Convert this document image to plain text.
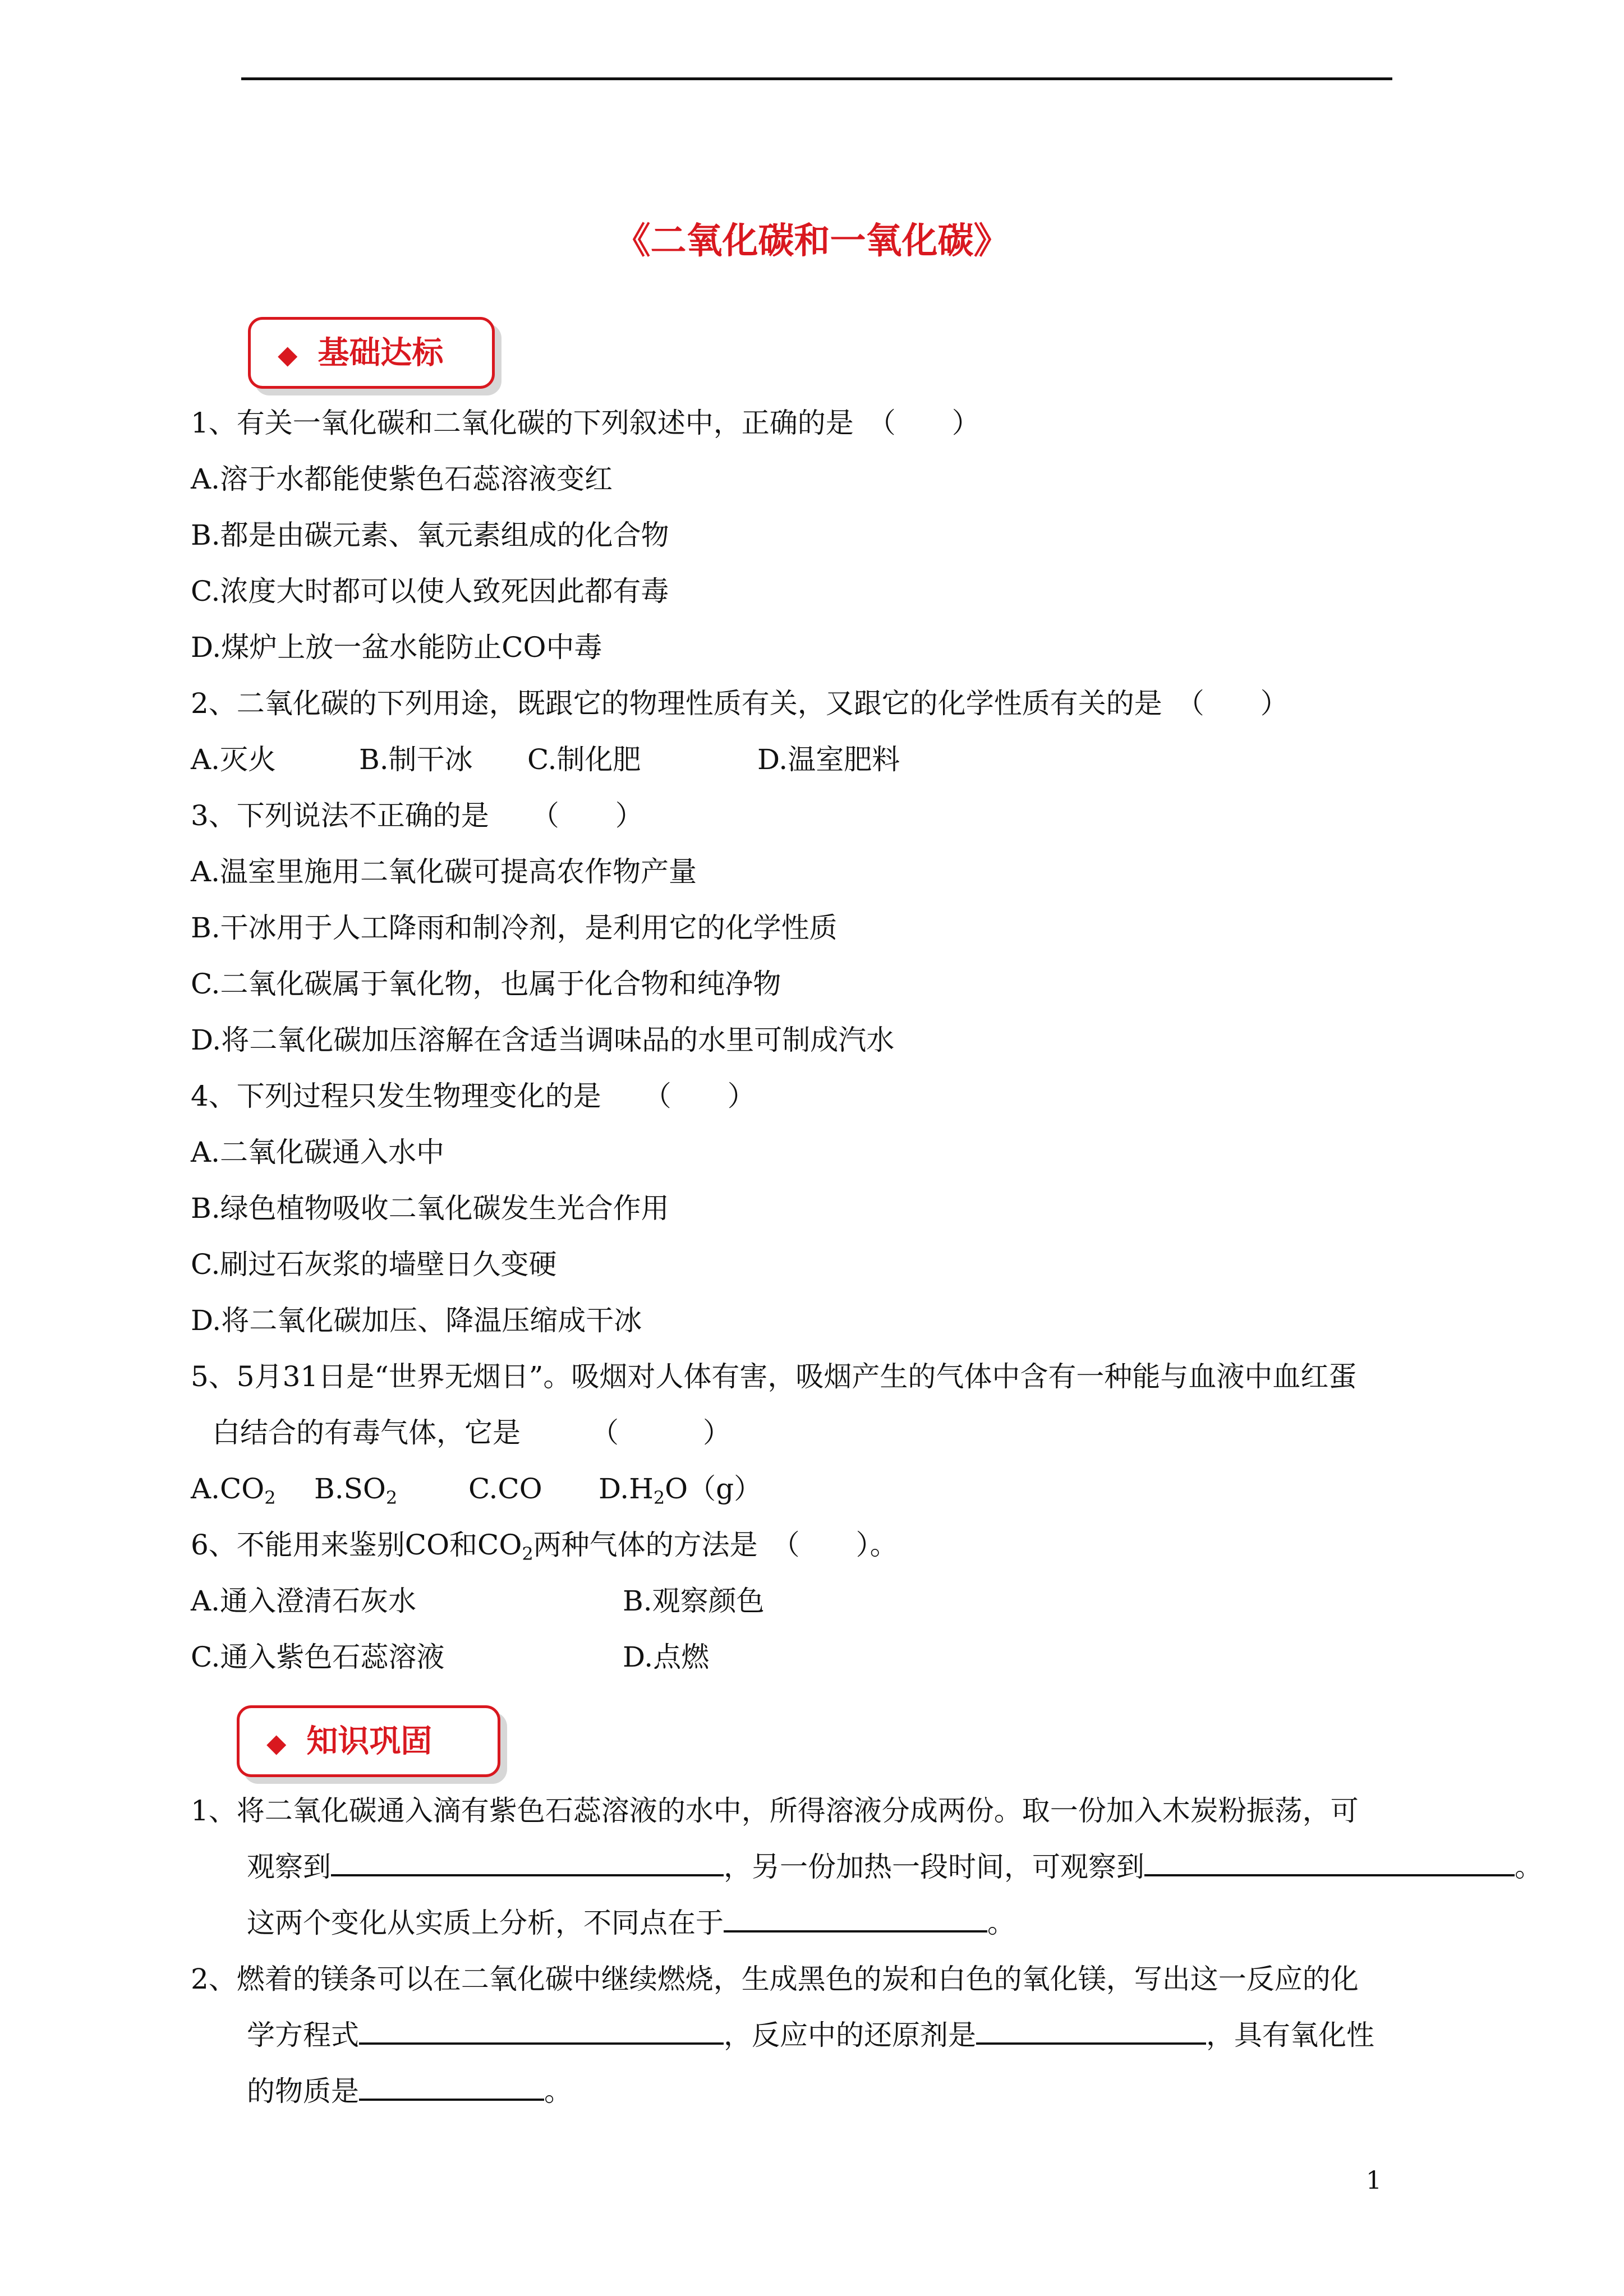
《二氧化碳和一氧化碳》
◆ 基础达标
1、有关一氧化碳和二氧化碳的下列叙述中，正确的是　（　　）
A.溶于水都能使紫色石蕊溶液变红
B.都是由碳元素、氧元素组成的化合物
C.浓度大时都可以使人致死因此都有毒
D.煤炉上放一盆水能防止CO中毒
2、二氧化碳的下列用途，既跟它的物理性质有关，又跟它的化学性质有关的是　（　　）
A.灭火	B.制干冰 C.制化肥	D.温室肥料
3、下列说法不正确的是　　（　　）
A.温室里施用二氧化碳可提高农作物产量
B.干冰用于人工降雨和制冷剂，是利用它的化学性质
C.二氧化碳属于氧化物，也属于化合物和纯净物
D.将二氧化碳加压溶解在含适当调味品的水里可制成汽水
4、下列过程只发生物理变化的是　　（　　）
A.二氧化碳通入水中
B.绿色植物吸收二氧化碳发生光合作用
C.刷过石灰浆的墙壁日久变硬
D.将二氧化碳加压、降温压缩成干冰
5、5月31日是“世界无烟日”。吸烟对人体有害，吸烟产生的气体中含有一种能与血液中血红蛋
白结合的有毒气体，它是　　　（　　　）
$A.CO_2$ $B.SO_2$	C.CO $D.H_2O(g)$
6、不能用来鉴别CO和$CO_2$两种气体的方法是　（　　）。
A.通入澄清石灰水	B.观察颜色
C.通入紫色石蕊溶液	D.点燃
◆ 知识巩固
1、将二氧化碳通入滴有紫色石蕊溶液的水中，所得溶液分成两份。取一份加入木炭粉振荡，可
观察到	，另一份加热一段时间，可观察到	。
这两个变化从实质上分析，不同点在于	。
2、燃着的镁条可以在二氧化碳中继续燃烧，生成黑色的炭和白色的氧化镁，写出这一反应的化
学方程式	，反应中的还原剂是	，具有氧化性
的物质是	。
1
